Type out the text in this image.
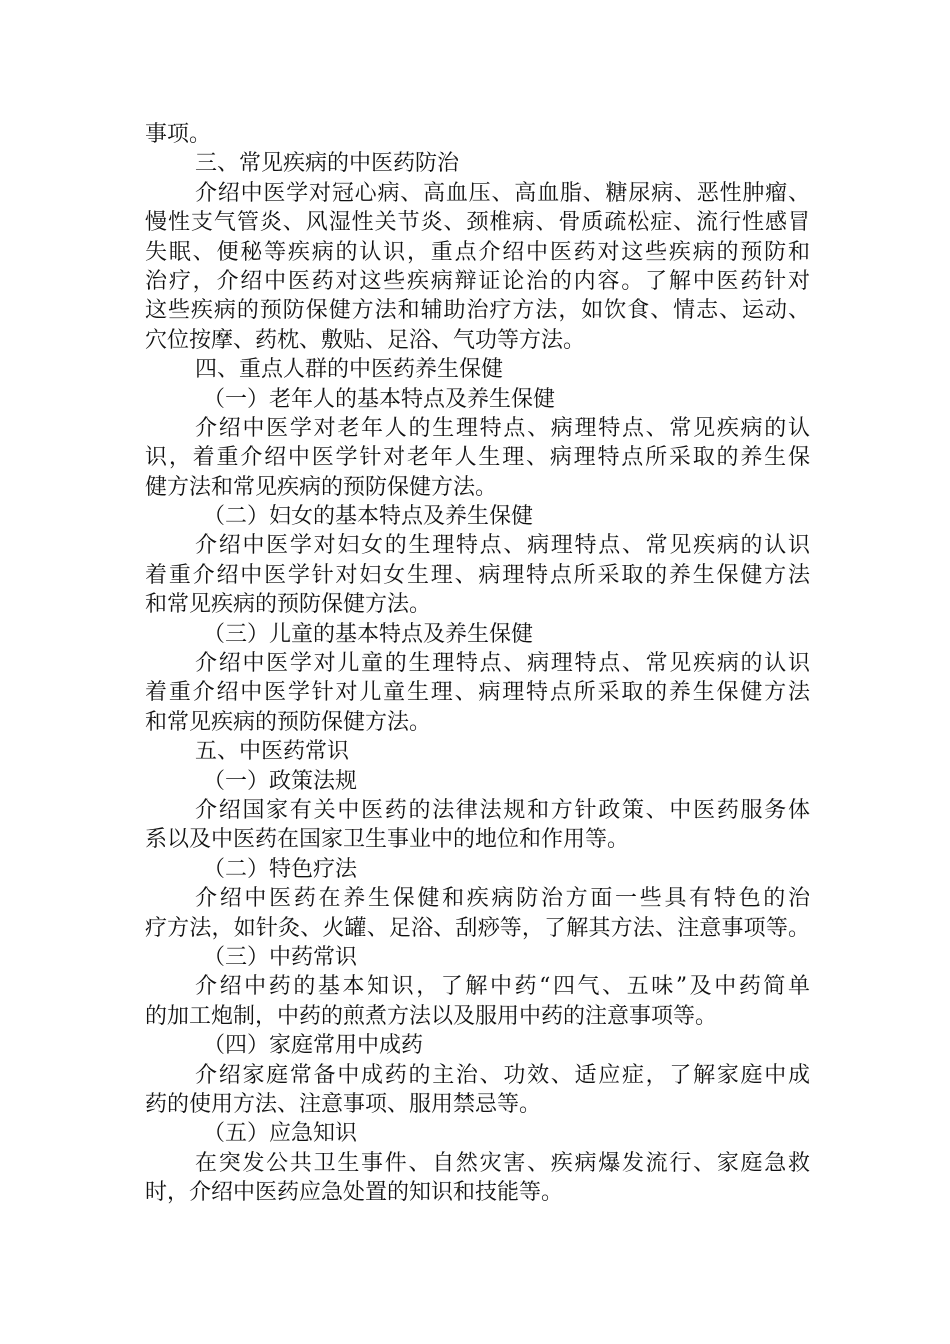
事项。
三、常见疾病的中医药防治
介绍中医学对冠心病、高血压、高血脂、糖尿病、恶性肿瘤、
慢性支气管炎、风湿性关节炎、颈椎病、骨质疏松症、流行性感冒
失眠、便秘等疾病的认识，重点介绍中医药对这些疾病的预防和
治疗，介绍中医药对这些疾病辩证论治的内容。了解中医药针对
这些疾病的预防保健方法和辅助治疗方法，如饮食、情志、运动、
穴位按摩、药枕、敷贴、足浴、气功等方法。
四、重点人群的中医药养生保健
（一）老年人的基本特点及养生保健
介绍中医学对老年人的生理特点、病理特点、常见疾病的认
识，着重介绍中医学针对老年人生理、病理特点所采取的养生保
健方法和常见疾病的预防保健方法。
（二）妇女的基本特点及养生保健
介绍中医学对妇女的生理特点、病理特点、常见疾病的认识
着重介绍中医学针对妇女生理、病理特点所采取的养生保健方法
和常见疾病的预防保健方法。
（三）儿童的基本特点及养生保健
介绍中医学对儿童的生理特点、病理特点、常见疾病的认识
着重介绍中医学针对儿童生理、病理特点所采取的养生保健方法
和常见疾病的预防保健方法。
五、中医药常识
（一）政策法规
介绍国家有关中医药的法律法规和方针政策、中医药服务体
系以及中医药在国家卫生事业中的地位和作用等。
（二）特色疗法
介绍中医药在养生保健和疾病防治方面一些具有特色的治
疗方法，如针灸、火罐、足浴、刮痧等，了解其方法、注意事项等。
（三）中药常识
介绍中药的基本知识，了解中药“四气、五味”及中药简单
的加工炮制，中药的煎煮方法以及服用中药的注意事项等。
（四）家庭常用中成药
介绍家庭常备中成药的主治、功效、适应症，了解家庭中成
药的使用方法、注意事项、服用禁忌等。
（五）应急知识
在突发公共卫生事件、自然灾害、疾病爆发流行、家庭急救
时，介绍中医药应急处置的知识和技能等。
